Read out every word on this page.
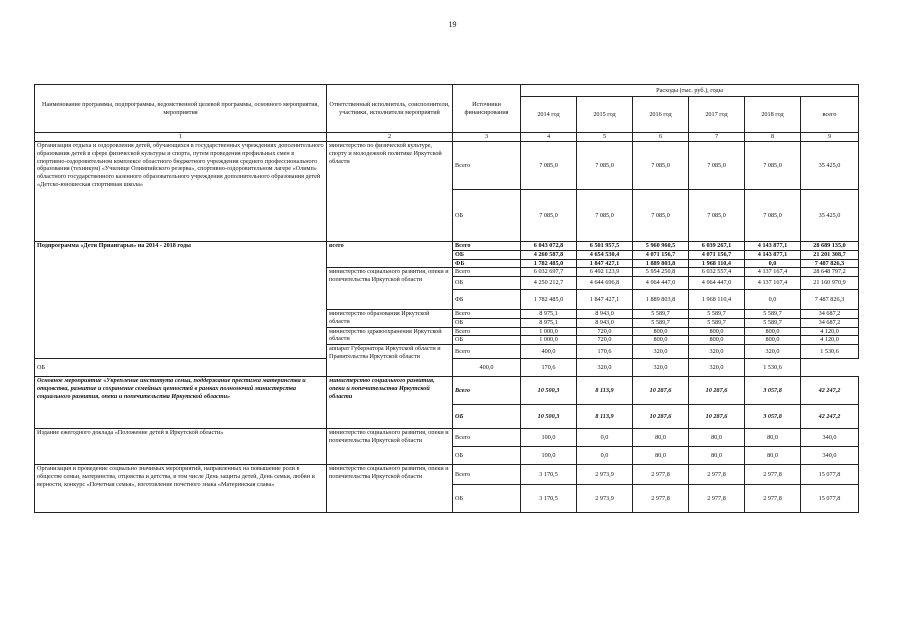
19
Наименование программы, подпрограммы, ведомственной целевой программы, основного мероприятия, мероприятия	Ответственный исполнитель, соисполнители, участники, исполнители мероприятий	Источники финансирования	Расходы (тыс. руб.), годы					
			2014 год	2015 год	2016 год	2017 год	2018 год	всего
1	2	3	4	5	6	7	8	9
Организация отдыха и оздоровления детей, обучающихся в государственных учреждениях дополнительного образования детей в сфере физической культуры и спорта, путем проведения профильных смен в спортивно-оздоровительном комплексе областного бюджетного учреждения среднего профессионального образования (техникум) «Училище Олимпийского резерва», спортивно-оздоровительном лагере «Олимп» областного государственного казенного образовательного учреждения дополнительного образования детей «Детско-юношеская спортивная школа»	министерство по физической культуре, спорту и молодежной политике Иркутской области	Всего	7 085,0	7 085,0	7 085,0	7 085,0	7 085,0	35 425,0
		ОБ	7 085,0	7 085,0	7 085,0	7 085,0	7 085,0	35 425,0
Подпрограмма «Дети Приангарья» на 2014 - 2018 годы	всего	Всего	6 043 072,8	6 501 957,5	5 960 960,5	6 039 267,1	4 143 877,1	28 689 135,0
		ОБ	4 260 587,8	4 654 530,4	4 071 156,7	4 071 156,7	4 143 877,1	21 201 308,7
		ФБ	1 782 485,0	1 847 427,1	1 889 803,8	1 968 110,4	0,0	7 487 826,3
	министерство социального развития, опеки и попечительства Иркутской области	Всего	6 032 697,7	6 492 123,9	5 954 250,8	6 032 557,4	4 137 167,4	28 648 797,2
		ОБ	4 250 212,7	4 644 696,8	4 064 447,0	4 064 447,0	4 137 167,4	21 160 970,9
		ФБ	1 782 485,0	1 847 427,1	1 889 803,8	1 968 110,4	0,0	7 487 826,3
	министерство образования Иркутской области	Всего	8 975,1	8 943,0	5 589,7	5 589,7	5 589,7	34 687,2
		ОБ	8 975,1	8 943,0	5 589,7	5 589,7	5 589,7	34 687,2
	министерство здравоохранения Иркутской области	Всего	1 000,0	720,0	800,0	800,0	800,0	4 120,0
		ОБ	1 000,0	720,0	800,0	800,0	800,0	4 120,0
	аппарат Губернатора Иркутской области и Правительства Иркутской области	Всего	400,0	170,6	320,0	320,0	320,0	1 530,6
ОБ		400,0	170,6	320,0	320,0	320,0	1 530,6	
Основное мероприятие «Укрепление института семьи, поддержание престижа материнства и отцовства, развитие и сохранение семейных ценностей в рамках полномочий министерства социального развития, опеки и попечительства Иркутской области»	министерство социального развития, опеки и попечительства Иркутской области	Всего	10 500,3	8 113,9	10 287,6	10 287,6	3 057,8	42 247,2
		ОБ	10 500,3	8 113,9	10 287,6	10 287,6	3 057,8	42 247,2
Издание ежегодного доклада «Положение детей в Иркутской области»	министерство социального развития, опеки и попечительства Иркутской области	Всего	100,0	0,0	80,0	80,0	80,0	340,0
		ОБ	100,0	0,0	80,0	80,0	80,0	340,0
Организация и проведение социально значимых мероприятий, направленных на повышение роли в обществе семьи, материнства, отцовства и детства, в том числе День защиты детей, День семьи, любви и верности, конкурс «Почетная семья», изготовление почетного знака «Материнская слава»	министерство социального развития, опеки и попечительства Иркутской области	Всего	3 170,5	2 973,9	2 977,8	2 977,8	2 977,8	15 077,8
		ОБ	3 170,5	2 973,9	2 977,8	2 977,8	2 977,8	15 077,8
